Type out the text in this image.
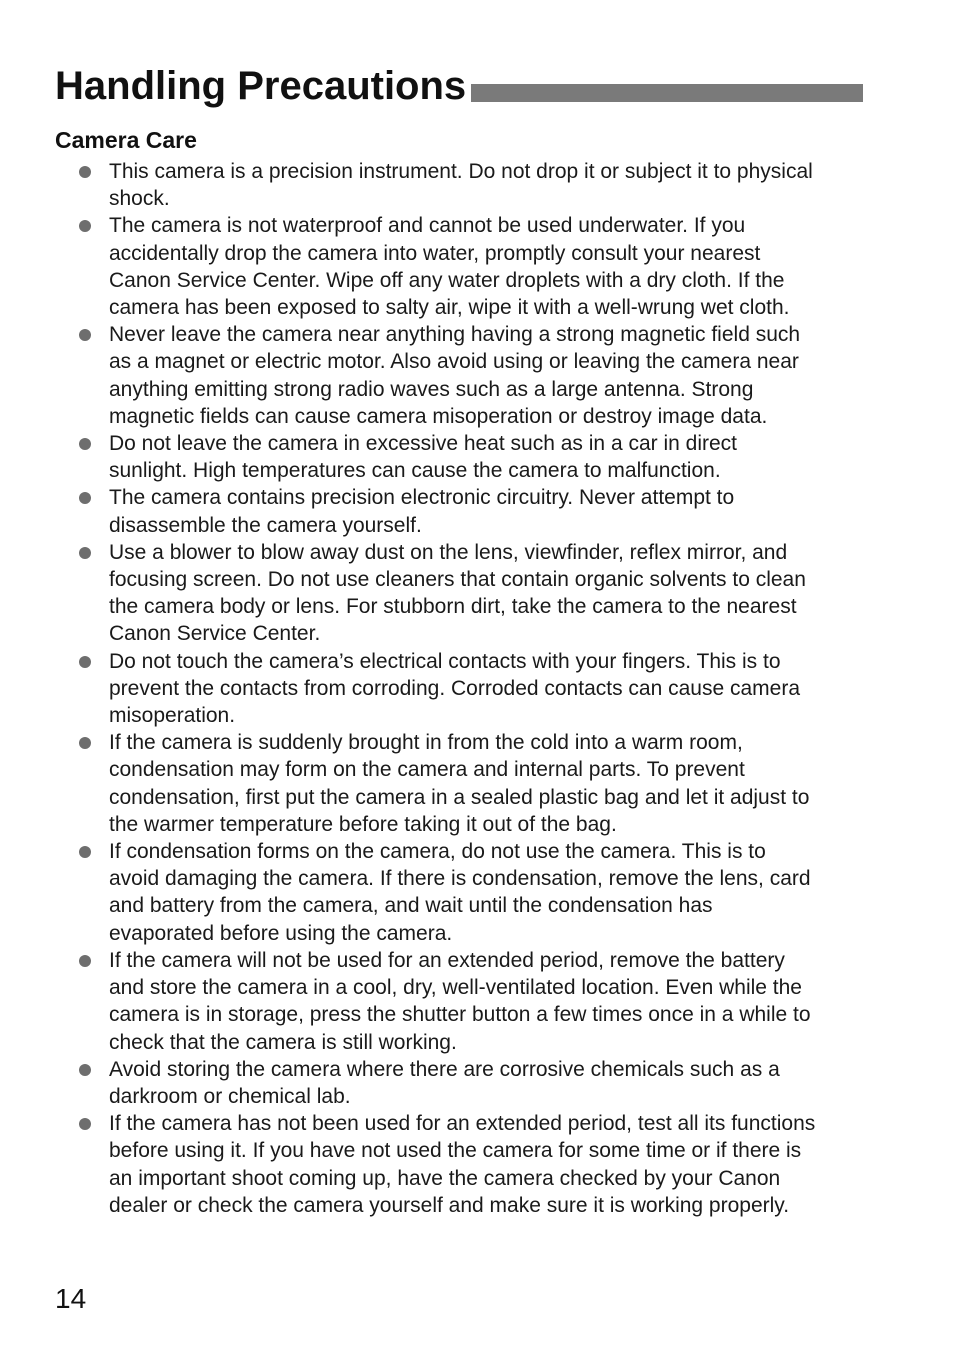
Handling Precautions
Camera Care
This camera is a precision instrument. Do not drop it or subject it to physical
shock.
The camera is not waterproof and cannot be used underwater. If you
accidentally drop the camera into water, promptly consult your nearest
Canon Service Center. Wipe off any water droplets with a dry cloth. If the
camera has been exposed to salty air, wipe it with a well-wrung wet cloth.
Never leave the camera near anything having a strong magnetic field such
as a magnet or electric motor. Also avoid using or leaving the camera near
anything emitting strong radio waves such as a large antenna. Strong
magnetic fields can cause camera misoperation or destroy image data.
Do not leave the camera in excessive heat such as in a car in direct
sunlight. High temperatures can cause the camera to malfunction.
The camera contains precision electronic circuitry. Never attempt to
disassemble the camera yourself.
Use a blower to blow away dust on the lens, viewfinder, reflex mirror, and
focusing screen. Do not use cleaners that contain organic solvents to clean
the camera body or lens. For stubborn dirt, take the camera to the nearest
Canon Service Center.
Do not touch the camera’s electrical contacts with your fingers. This is to
prevent the contacts from corroding. Corroded contacts can cause camera
misoperation.
If the camera is suddenly brought in from the cold into a warm room,
condensation may form on the camera and internal parts. To prevent
condensation, first put the camera in a sealed plastic bag and let it adjust to
the warmer temperature before taking it out of the bag.
If condensation forms on the camera, do not use the camera. This is to
avoid damaging the camera. If there is condensation, remove the lens, card
and battery from the camera, and wait until the condensation has
evaporated before using the camera.
If the camera will not be used for an extended period, remove the battery
and store the camera in a cool, dry, well-ventilated location. Even while the
camera is in storage, press the shutter button a few times once in a while to
check that the camera is still working.
Avoid storing the camera where there are corrosive chemicals such as a
darkroom or chemical lab.
If the camera has not been used for an extended period, test all its functions
before using it. If you have not used the camera for some time or if there is
an important shoot coming up, have the camera checked by your Canon
dealer or check the camera yourself and make sure it is working properly.
14
